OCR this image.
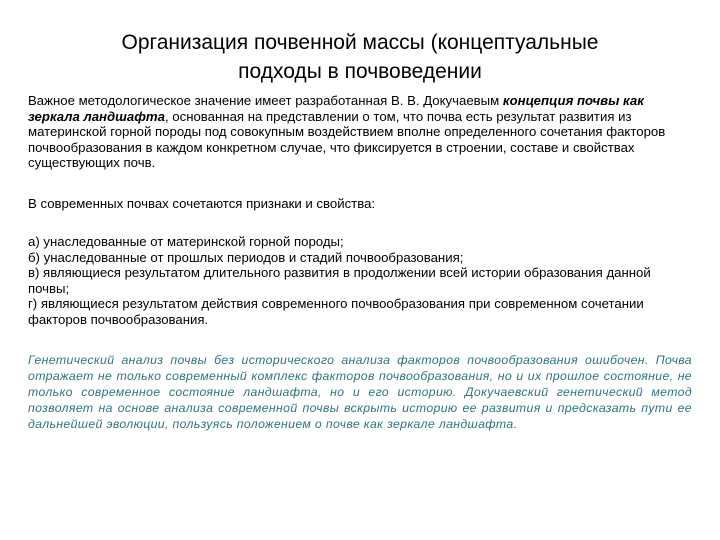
Организация почвенной массы (концептуальные
подходы в почвоведении
Важное методологическое значение имеет разработанная В. В. Докучаевым концепция почвы как зеркала ландшафта, основанная на представлении о том, что почва есть результат развития из материнской горной породы под совокупным воздействием вполне определенного сочетания факторов почвообразования в каждом конкретном случае, что фиксируется в строении, составе и свойствах существующих почв.
В современных почвах сочетаются признаки и свойства:
а) унаследованные от материнской горной породы;
б) унаследованные от прошлых периодов и стадий почвообразования;
в) являющиеся результатом длительного развития в продолжении всей истории образования данной почвы;
г) являющиеся результатом действия современного почвообразования при современном сочетании факторов почвообразования.
Генетический анализ почвы без исторического анализа факторов почвообразования ошибочен. Почва отражает не только современный комплекс факторов почвообразования, но и их прошлое состояние, не только современное состояние ландшафта, но и его историю. Докучаевский генетический метод позволяет на основе анализа современной почвы вскрыть историю ее развития и предсказать пути ее дальнейшей эволюции, пользуясь положением о почве как зеркале ландшафта.
